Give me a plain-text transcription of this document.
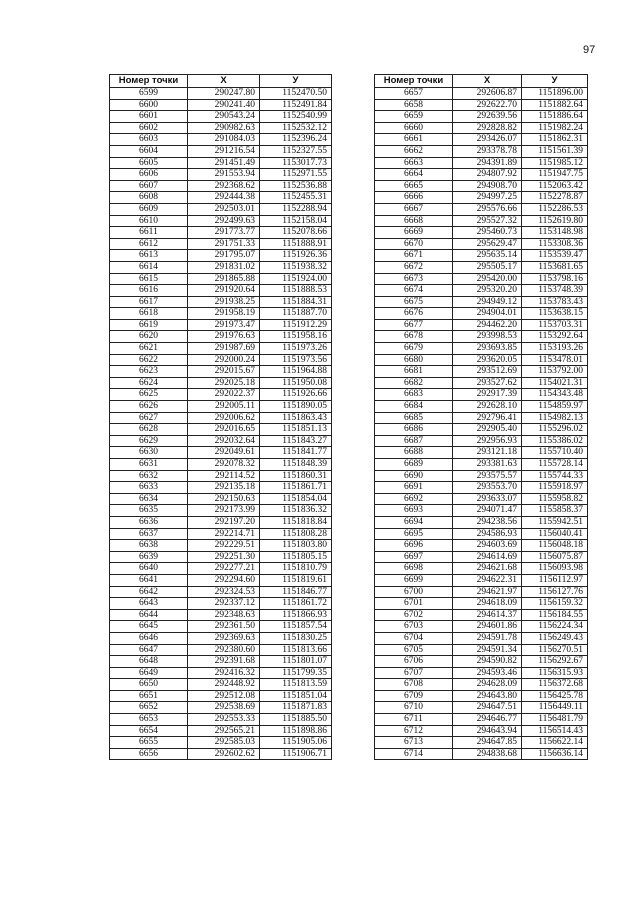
97
Номер точки	X	У
6599	290247.80	1152470.50
6600	290241.40	1152491.84
6601	290543.24	1152540.99
6602	290982.63	1152532.12
6603	291084.03	1152396.24
6604	291216.54	1152327.55
6605	291451.49	1153017.73
6606	291553.94	1152971.55
6607	292368.62	1152536.88
6608	292444.38	1152455.31
6609	292503.01	1152288.94
6610	292499.63	1152158.04
6611	291773.77	1152078.66
6612	291751.33	1151888.91
6613	291795.07	1151926.36
6614	291831.02	1151938.32
6615	291865.88	1151924.00
6616	291920.64	1151888.53
6617	291938.25	1151884.31
6618	291958.19	1151887.70
6619	291973.47	1151912.29
6620	291976.63	1151958.16
6621	291987.69	1151973.26
6622	292000.24	1151973.56
6623	292015.67	1151964.88
6624	292025.18	1151950.08
6625	292022.37	1151926.66
6626	292005.11	1151890.05
6627	292006.62	1151863.43
6628	292016.65	1151851.13
6629	292032.64	1151843.27
6630	292049.61	1151841.77
6631	292078.32	1151848.39
6632	292114.52	1151860.31
6633	292135.18	1151861.71
6634	292150.63	1151854.04
6635	292173.99	1151836.32
6636	292197.20	1151818.84
6637	292214.71	1151808.28
6638	292229.51	1151803.80
6639	292251.30	1151805.15
6640	292277.21	1151810.79
6641	292294.60	1151819.61
6642	292324.53	1151846.77
6643	292337.12	1151861.72
6644	292348.63	1151866.93
6645	292361.50	1151857.54
6646	292369.63	1151830.25
6647	292380.60	1151813.66
6648	292391.68	1151801.07
6649	292416.32	1151799.35
6650	292448.92	1151813.59
6651	292512.08	1151851.04
6652	292538.69	1151871.83
6653	292553.33	1151885.50
6654	292565.21	1151898.86
6655	292585.03	1151905.06
6656	292602.62	1151906.71
Номер точки	X	У
6657	292606.87	1151896.00
6658	292622.70	1151882.64
6659	292639.56	1151886.64
6660	292828.82	1151982.24
6661	293426.07	1151862.31
6662	293378.78	1151561.39
6663	294391.89	1151985.12
6664	294807.92	1151947.75
6665	294908.70	1152063.42
6666	294997.25	1152278.87
6667	295576.66	1152286.53
6668	295527.32	1152619.80
6669	295460.73	1153148.98
6670	295629.47	1153308.36
6671	295635.14	1153539.47
6672	295505.17	1153681.65
6673	295420.00	1153798.16
6674	295320.20	1153748.39
6675	294949.12	1153783.43
6676	294904.01	1153638.15
6677	294462.20	1153703.31
6678	293998.53	1153292.64
6679	293693.85	1153193.26
6680	293620.05	1153478.01
6681	293512.69	1153792.00
6682	293527.62	1154021.31
6683	292917.39	1154343.48
6684	292628.10	1154859.97
6685	292796.41	1154982.13
6686	292905.40	1155296.02
6687	292956.93	1155386.02
6688	293121.18	1155710.40
6689	293381.63	1155728.14
6690	293575.57	1155744.33
6691	293553.70	1155918.97
6692	293633.07	1155958.82
6693	294071.47	1155858.37
6694	294238.56	1155942.51
6695	294586.93	1156040.41
6696	294603.69	1156048.18
6697	294614.69	1156075.87
6698	294621.68	1156093.98
6699	294622.31	1156112.97
6700	294621.97	1156127.76
6701	294618.09	1156159.32
6702	294614.37	1156184.55
6703	294601.86	1156224.34
6704	294591.78	1156249.43
6705	294591.34	1156270.51
6706	294590.82	1156292.67
6707	294593.46	1156315.93
6708	294628.09	1156372.68
6709	294643.80	1156425.78
6710	294647.51	1156449.11
6711	294646.77	1156481.79
6712	294643.94	1156514.43
6713	294647.85	1156622.14
6714	294838.68	1156636.14
